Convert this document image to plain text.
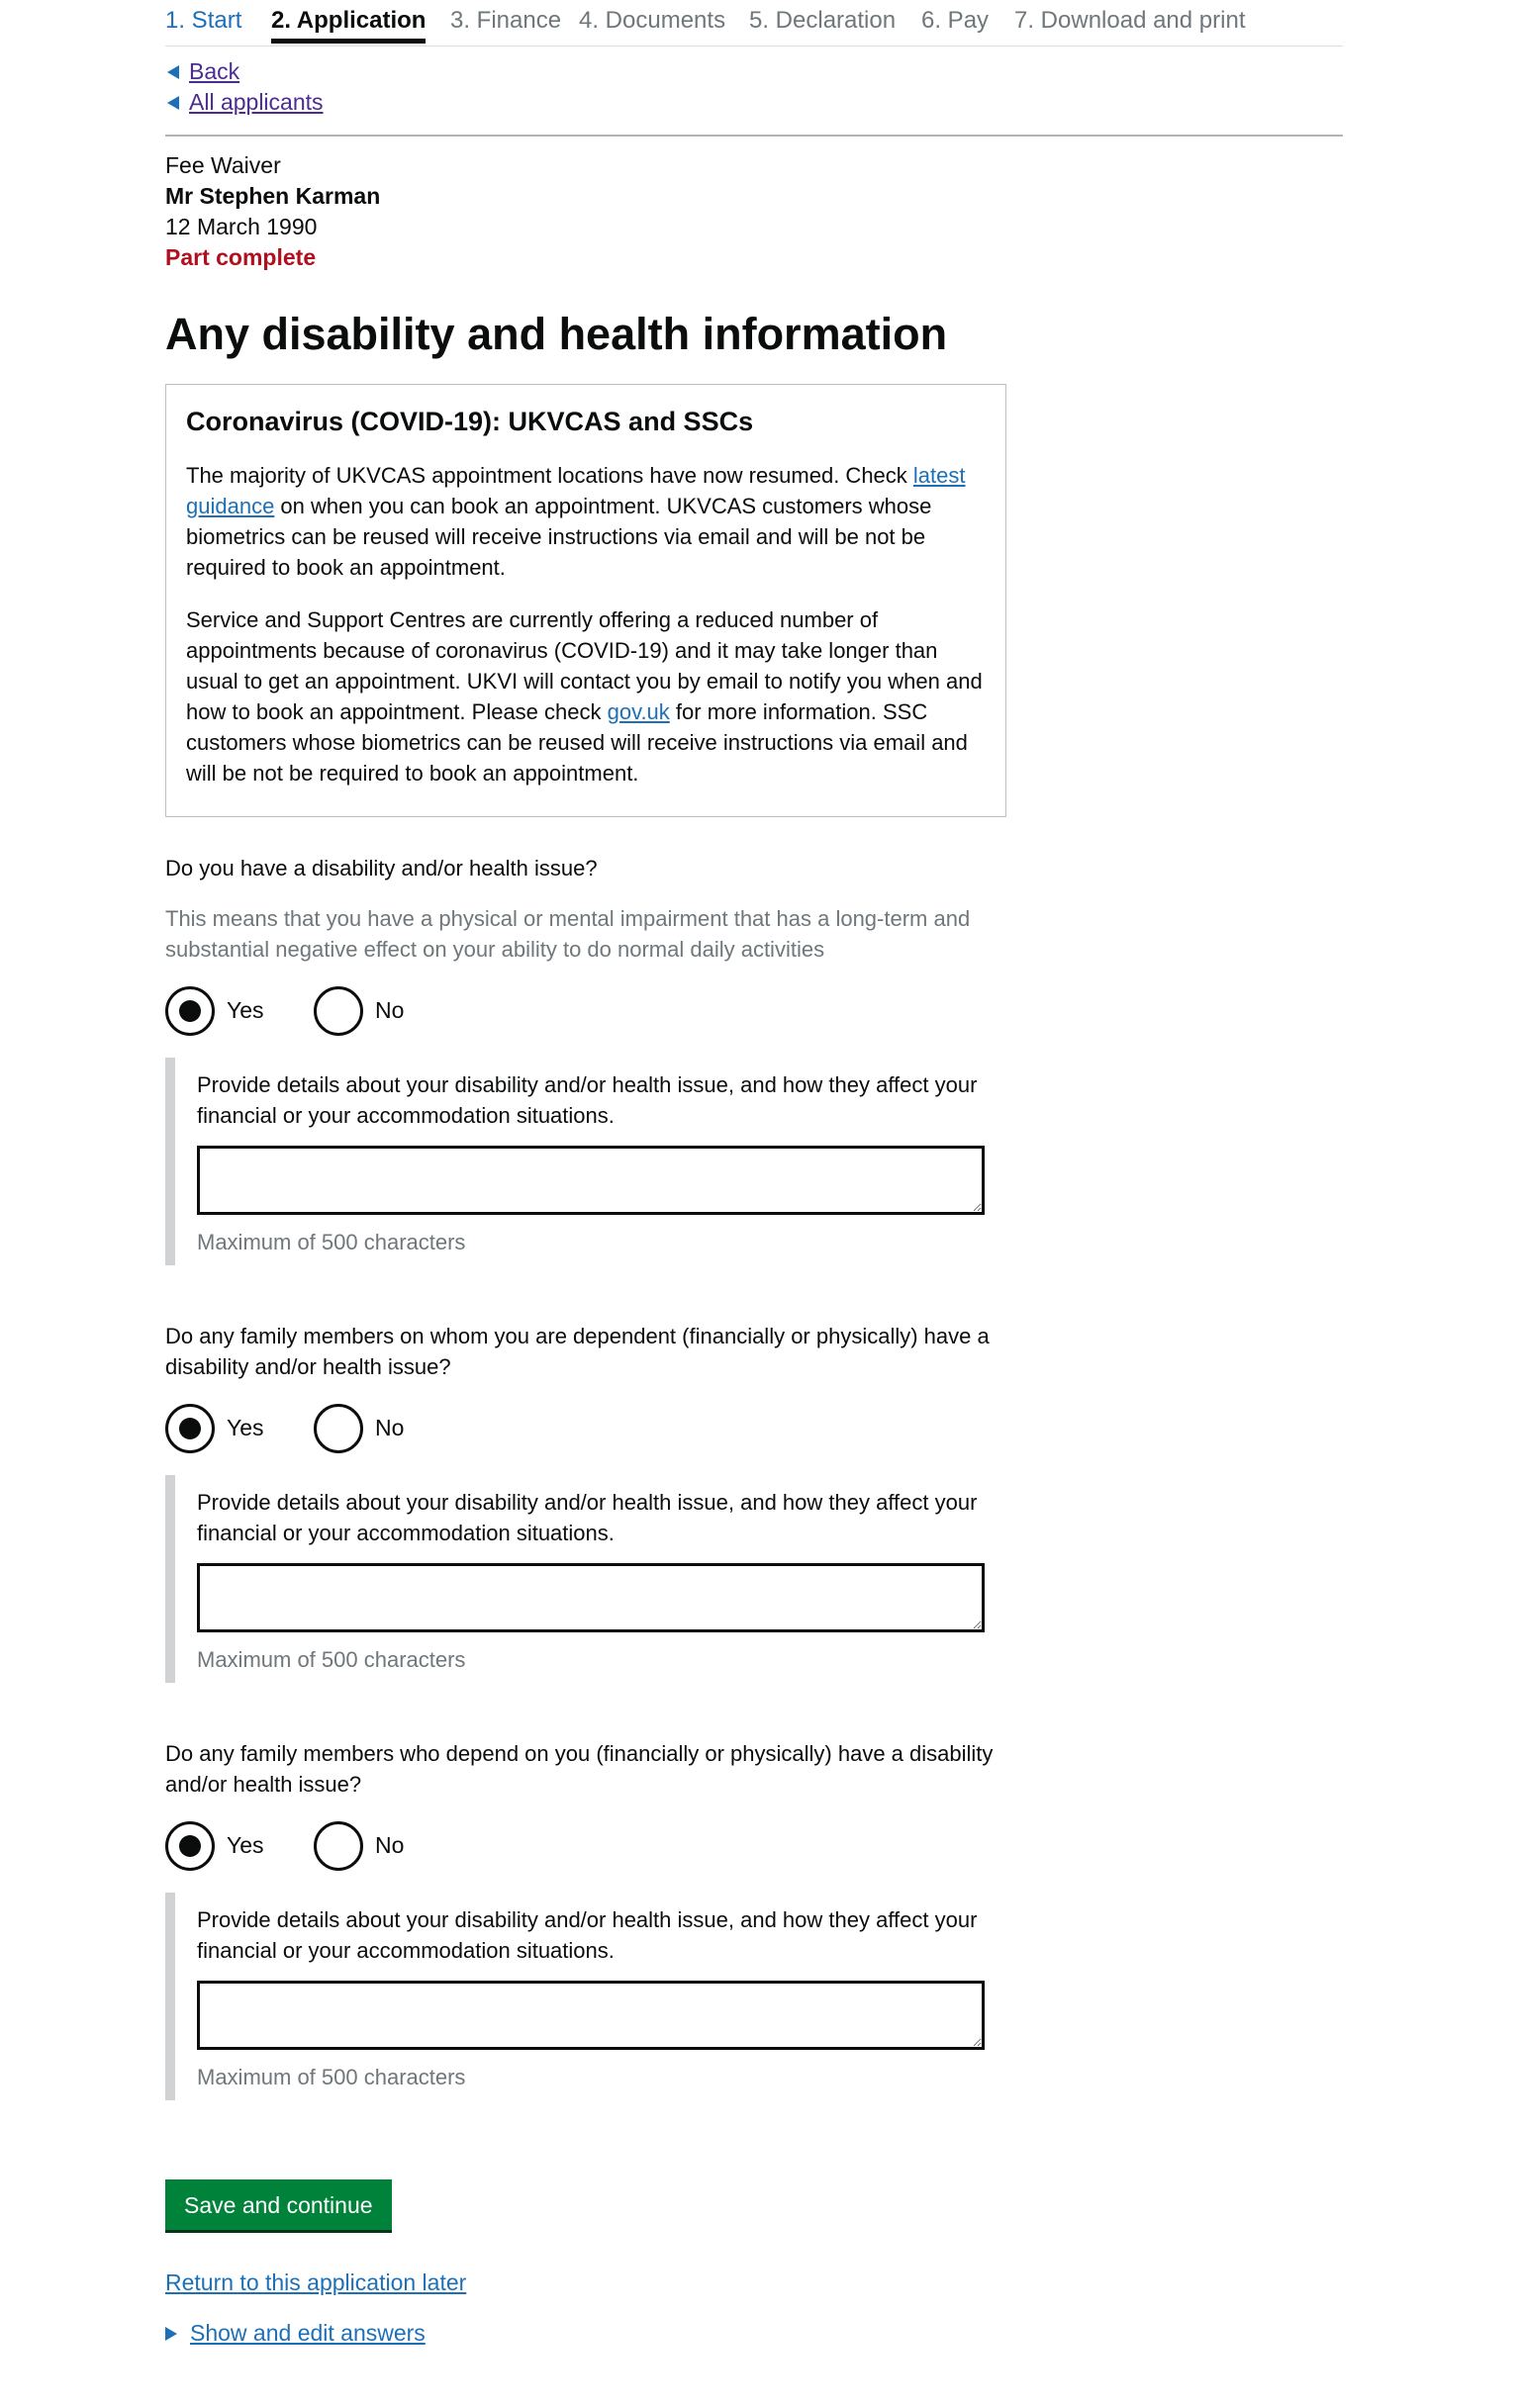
1. Start 2. Application 3. Finance 4. Documents 5. Declaration 6. Pay 7. Download and print
Back
All applicants
Fee Waiver
Mr Stephen Karman
12 March 1990
Part complete
Any disability and health information
Coronavirus (COVID-19): UKVCAS and SSCs

The majority of UKVCAS appointment locations have now resumed. Check latest guidance on when you can book an appointment. UKVCAS customers whose biometrics can be reused will receive instructions via email and will be not be required to book an appointment.

Service and Support Centres are currently offering a reduced number of appointments because of coronavirus (COVID-19) and it may take longer than usual to get an appointment. UKVI will contact you by email to notify you when and how to book an appointment. Please check gov.uk for more information. SSC customers whose biometrics can be reused will receive instructions via email and will be not be required to book an appointment.

Do you have a disability and/or health issue?
This means that you have a physical or mental impairment that has a long-term and substantial negative effect on your ability to do normal daily activities
Yes	No
Provide details about your disability and/or health issue, and how they affect your financial or your accommodation situations.
Maximum of 500 characters
Do any family members on whom you are dependent (financially or physically) have a disability and/or health issue?
Yes	No
Provide details about your disability and/or health issue, and how they affect your financial or your accommodation situations.
Maximum of 500 characters
Do any family members who depend on you (financially or physically) have a disability and/or health issue?
Yes	No
Provide details about your disability and/or health issue, and how they affect your financial or your accommodation situations.
Maximum of 500 characters
Save and continue
Return to this application later
Show and edit answers
